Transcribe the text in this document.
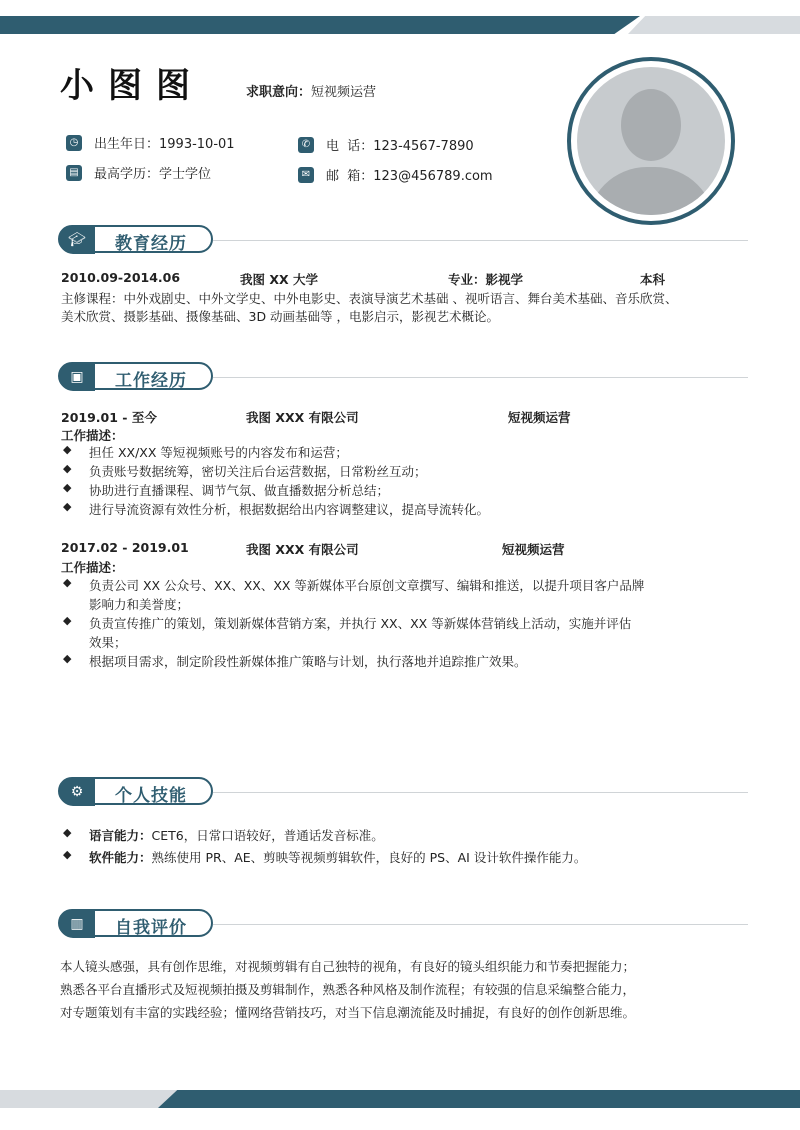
小图图	求职意向：短视频运营
◷ 出生年日：1993-10-01
▤ 最高学历：学士学位
✆ 电  话：123-4567-7890
✉ 邮  箱：123@456789.com
🎓︎	教育经历
2010.09-2014.06	我图 XX 大学	专业：影视学	本科
主修课程：中外戏剧史、中外文学史、中外电影史、表演导演艺术基础 、视听语言、舞台美术基础、音乐欣赏、
美术欣赏、摄影基础、摄像基础、3D 动画基础等 ，电影启示，影视艺术概论。
▣	工作经历
2019.01 - 至今	我图 XXX 有限公司	短视频运营
工作描述：
◆ 担任 XX/XX 等短视频账号的内容发布和运营；
◆ 负责账号数据统筹，密切关注后台运营数据，日常粉丝互动；
◆ 协助进行直播课程、调节气氛、做直播数据分析总结；
◆ 进行导流资源有效性分析，根据数据给出内容调整建议，提高导流转化。
2017.02 - 2019.01	我图 XXX 有限公司	短视频运营
工作描述：
◆ 负责公司 XX 公众号、XX、XX、XX 等新媒体平台原创文章撰写、编辑和推送，以提升项目客户品牌
影响力和美誉度；
◆ 负责宣传推广的策划，策划新媒体营销方案，并执行 XX、XX 等新媒体营销线上活动，实施并评估
效果；
◆ 根据项目需求，制定阶段性新媒体推广策略与计划，执行落地并追踪推广效果。
⚙	个人技能
◆ 语言能力：CET6，日常口语较好，普通话发音标准。
◆ 软件能力：熟练使用 PR、AE、剪映等视频剪辑软件，良好的 PS、AI 设计软件操作能力。
▥	自我评价
本人镜头感强，具有创作思维，对视频剪辑有自己独特的视角，有良好的镜头组织能力和节奏把握能力；
熟悉各平台直播形式及短视频拍摄及剪辑制作，熟悉各种风格及制作流程；有较强的信息采编整合能力，
对专题策划有丰富的实践经验；懂网络营销技巧，对当下信息潮流能及时捕捉，有良好的创作创新思维。
